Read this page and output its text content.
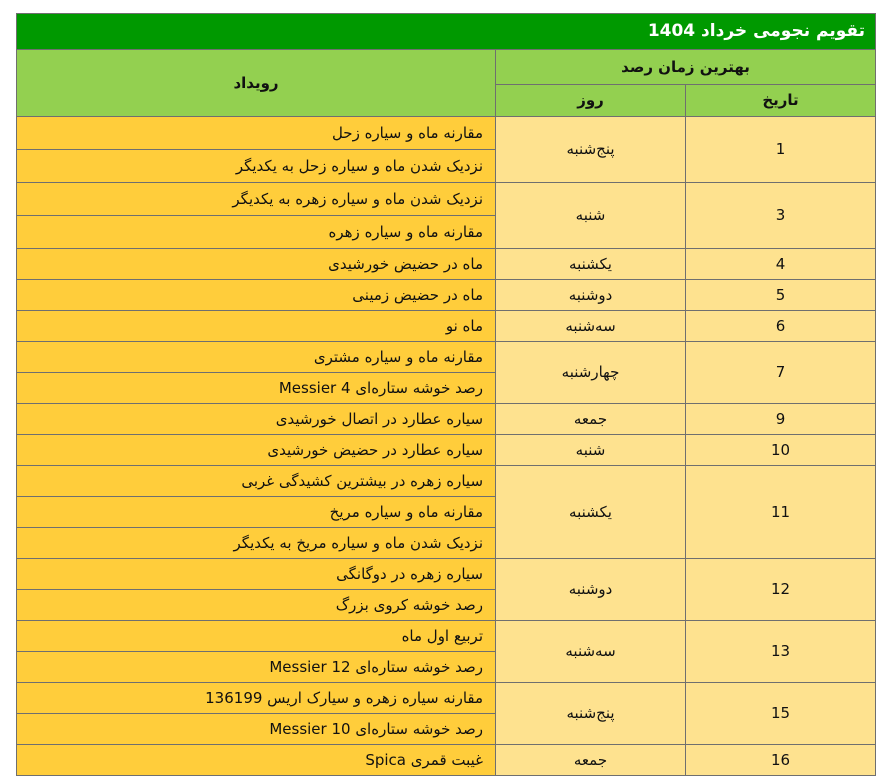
تقویم نجومی خرداد 1404		
بهترین زمان رصد		رویداد
تاریخ	روز	
1	پنج‌شنبه	مقارنه ماه و سیاره زحل
		نزدیک شدن ماه و سیاره زحل به یکدیگر
3	شنبه	نزدیک شدن ماه و سیاره زهره به یکدیگر
		مقارنه ماه و سیاره زهره
4	یکشنبه	ماه در حضیض خورشیدی
5	دوشنبه	ماه در حضیض زمینی
6	سه‌شنبه	ماه نو
7	چهارشنبه	مقارنه ماه و سیاره مشتری
		رصد خوشه ستاره‌ای Messier 4
9	جمعه	سیاره عطارد در اتصال خورشیدی
10	شنبه	سیاره عطارد در حضیض خورشیدی
11	یکشنبه	سیاره زهره در بیشترین کشیدگی غربی
		مقارنه ماه و سیاره مریخ
		نزدیک شدن ماه و سیاره مریخ به یکدیگر
12	دوشنبه	سیاره زهره در دوگانگی
		رصد خوشه کروی بزرگ
13	سه‌شنبه	تربیع اول ماه
		رصد خوشه ستاره‌ای Messier 12
15	پنج‌شنبه	مقارنه سیاره زهره و سیارک اریس 136199
		رصد خوشه ستاره‌ای Messier 10
16	جمعه	غیبت قمری Spica
